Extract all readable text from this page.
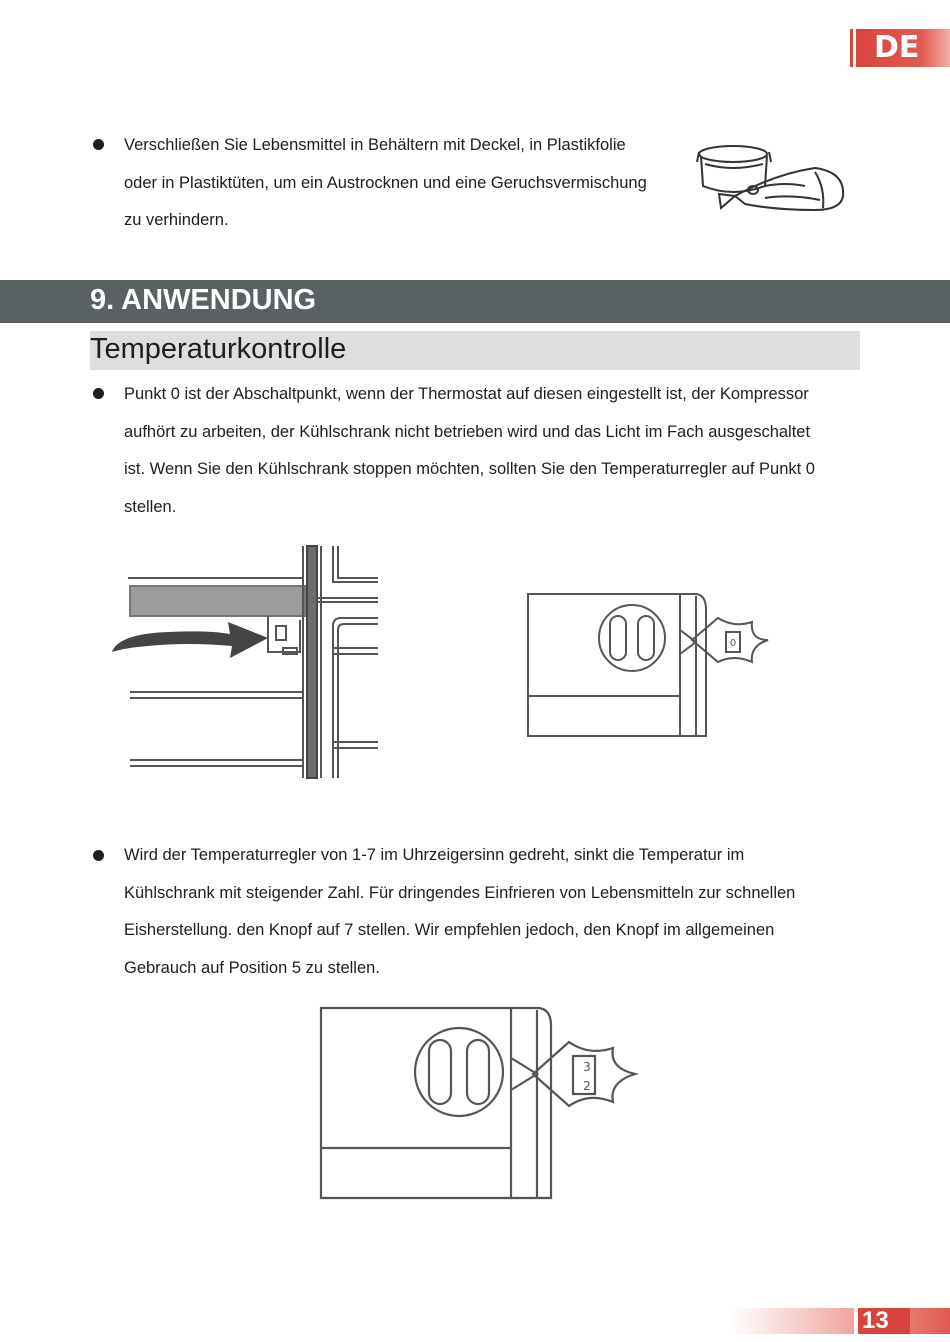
DE
Verschließen Sie Lebensmittel in Behältern mit Deckel, in Plastikfolie
oder in Plastiktüten, um ein Austrocknen und eine Geruchsvermischung
zu verhindern.
9. ANWENDUNG
Temperaturkontrolle
Punkt 0 ist der Abschaltpunkt, wenn der Thermostat auf diesen eingestellt ist, der Kompressor
aufhört zu arbeiten, der Kühlschrank nicht betrieben wird und das Licht im Fach ausgeschaltet
ist. Wenn Sie den Kühlschrank stoppen möchten, sollten Sie den Temperaturregler auf Punkt 0
stellen.
0
Wird der Temperaturregler von 1-7 im Uhrzeigersinn gedreht, sinkt die Temperatur im
Kühlschrank mit steigender Zahl. Für dringendes Einfrieren von Lebensmitteln zur schnellen
Eisherstellung. den Knopf auf 7 stellen. Wir empfehlen jedoch, den Knopf im allgemeinen
Gebrauch auf Position 5 zu stellen.
3
2
13
